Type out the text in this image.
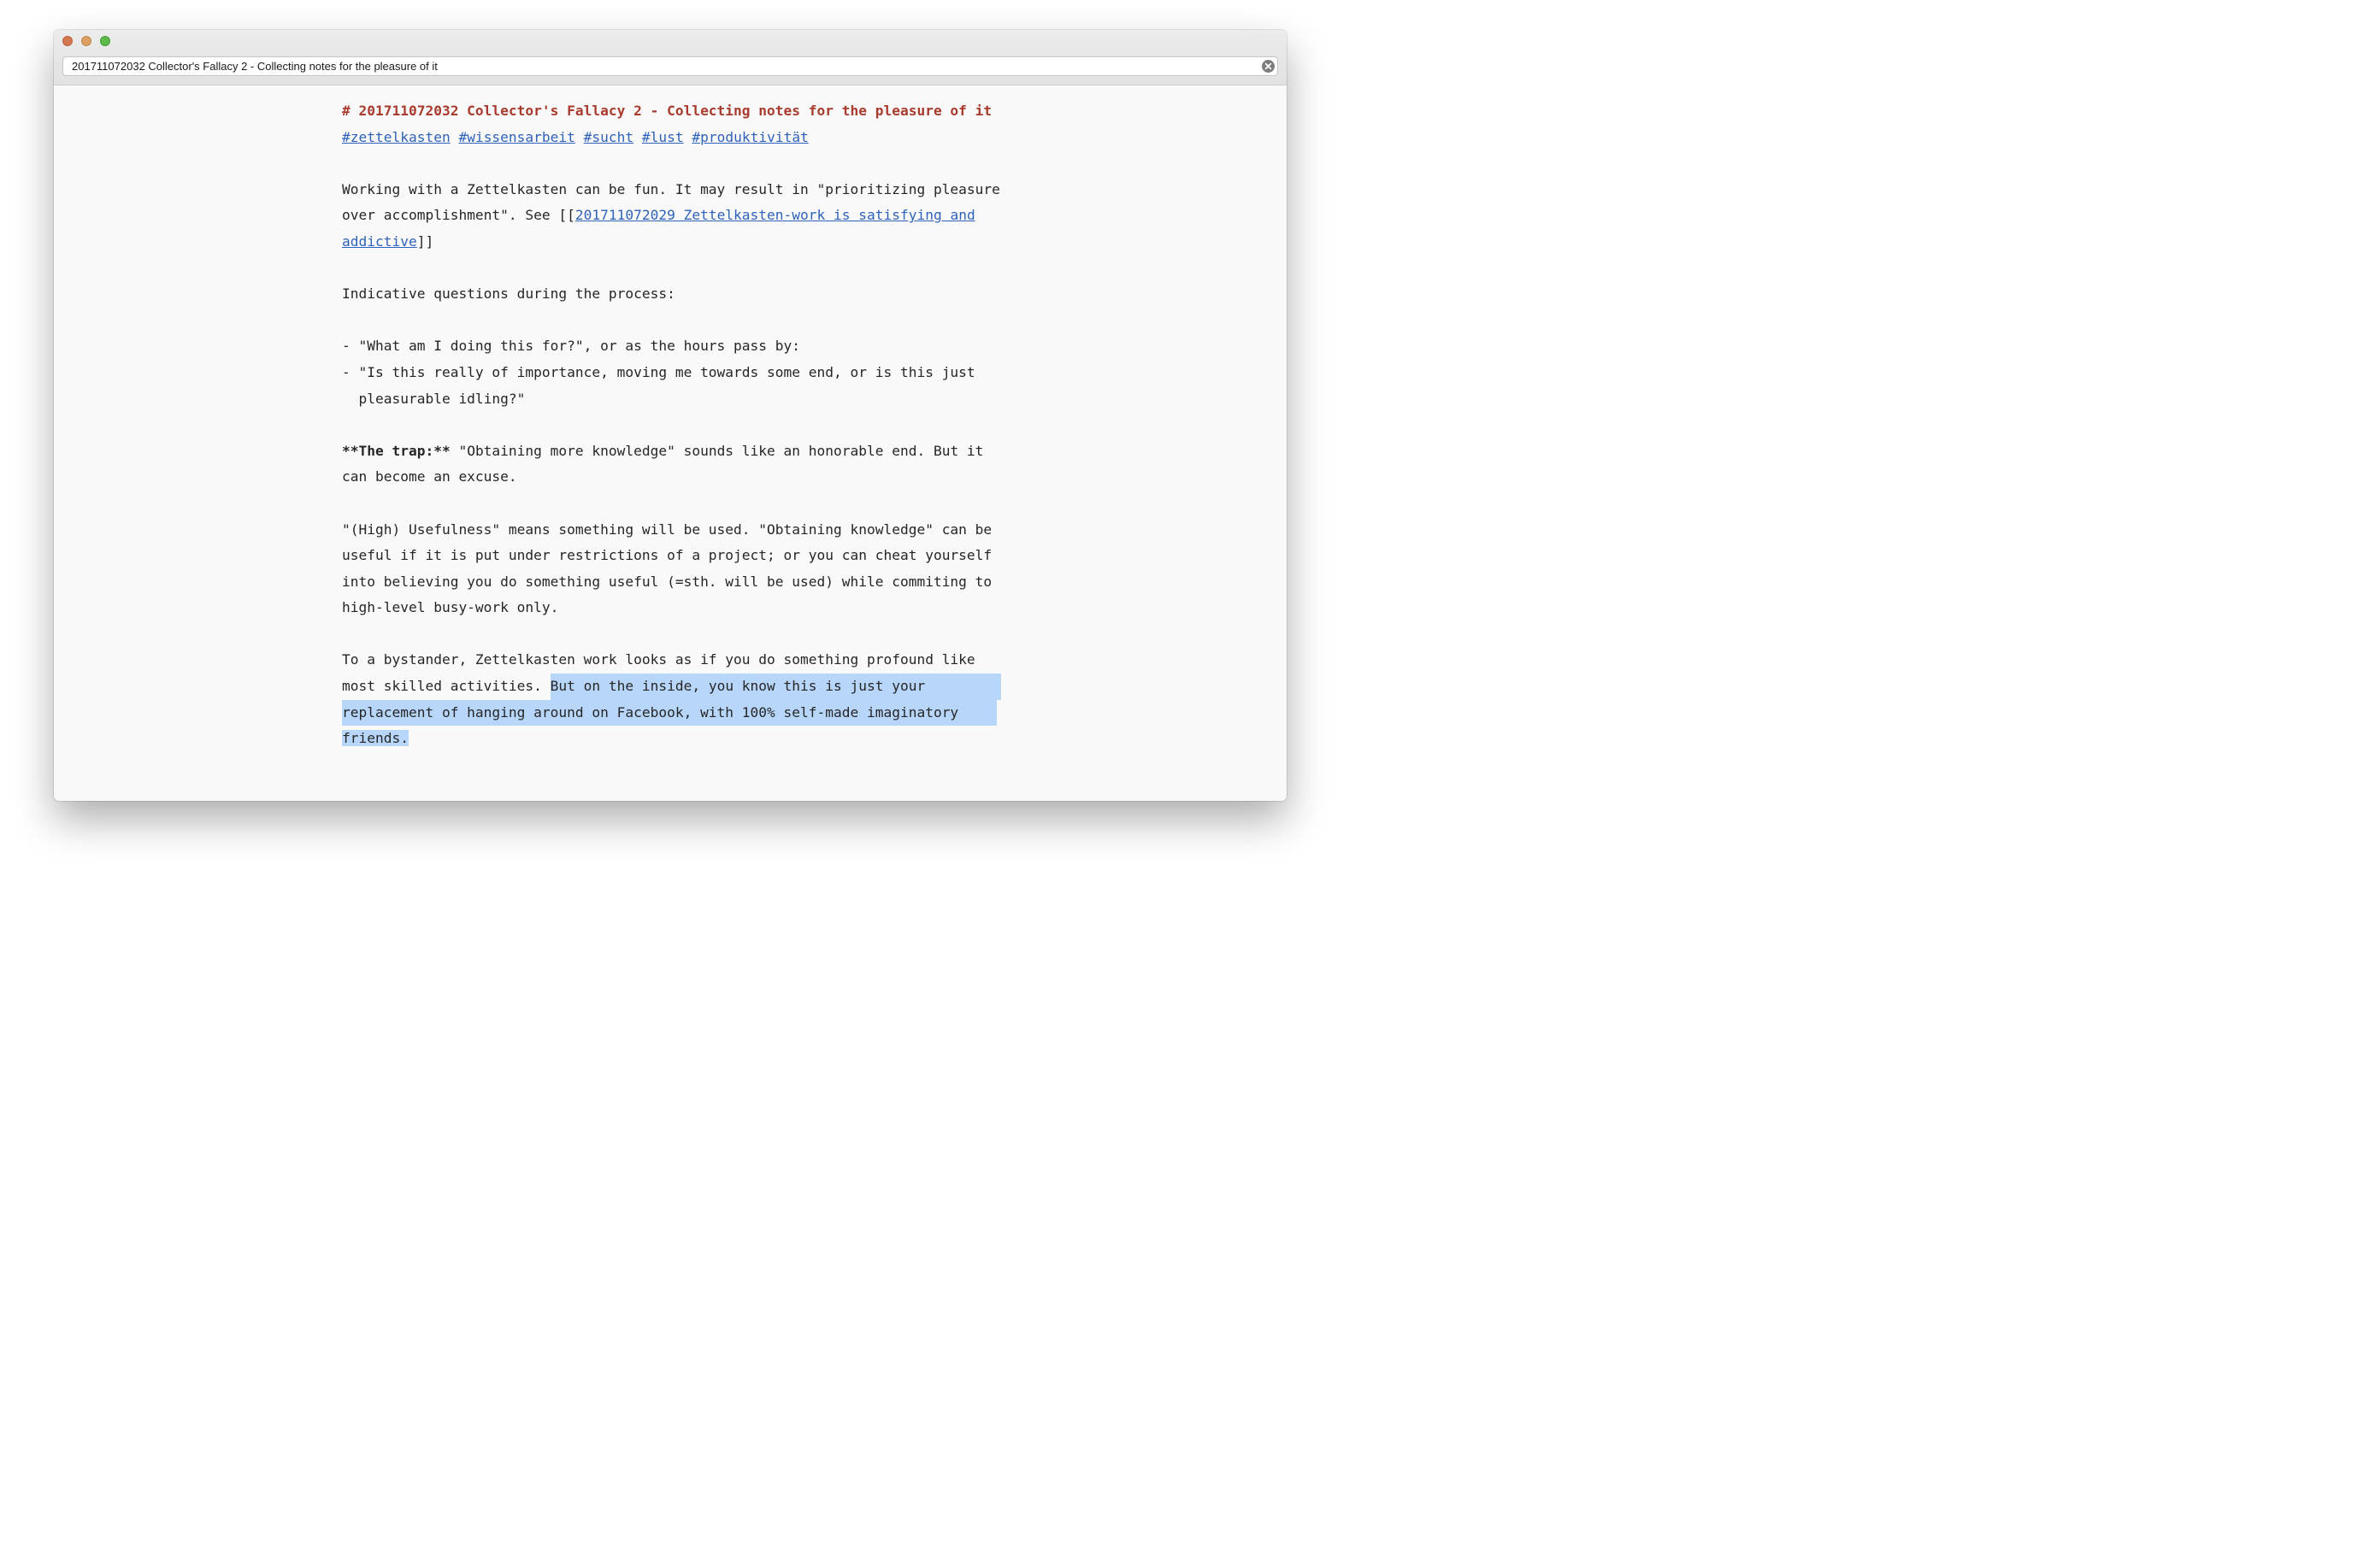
201711072032 Collector's Fallacy 2 - Collecting notes for the pleasure of it
# 201711072032 Collector's Fallacy 2 - Collecting notes for the pleasure of it
#zettelkasten #wissensarbeit #sucht #lust #produktivität
Working with a Zettelkasten can be fun. It may result in "prioritizing pleasure
over accomplishment". See [[201711072029 Zettelkasten-work is satisfying and
addictive]]
Indicative questions during the process:
- "What am I doing this for?", or as the hours pass by:
- "Is this really of importance, moving me towards some end, or is this just
pleasurable idling?"
**The trap:** "Obtaining more knowledge" sounds like an honorable end. But it
can become an excuse.
"(High) Usefulness" means something will be used. "Obtaining knowledge" can be
useful if it is put under restrictions of a project; or you can cheat yourself
into believing you do something useful (=sth. will be used) while commiting to
high-level busy-work only.
To a bystander, Zettelkasten work looks as if you do something profound like
most skilled activities. But on the inside, you know this is just your
replacement of hanging around on Facebook, with 100% self-made imaginatory
friends.
